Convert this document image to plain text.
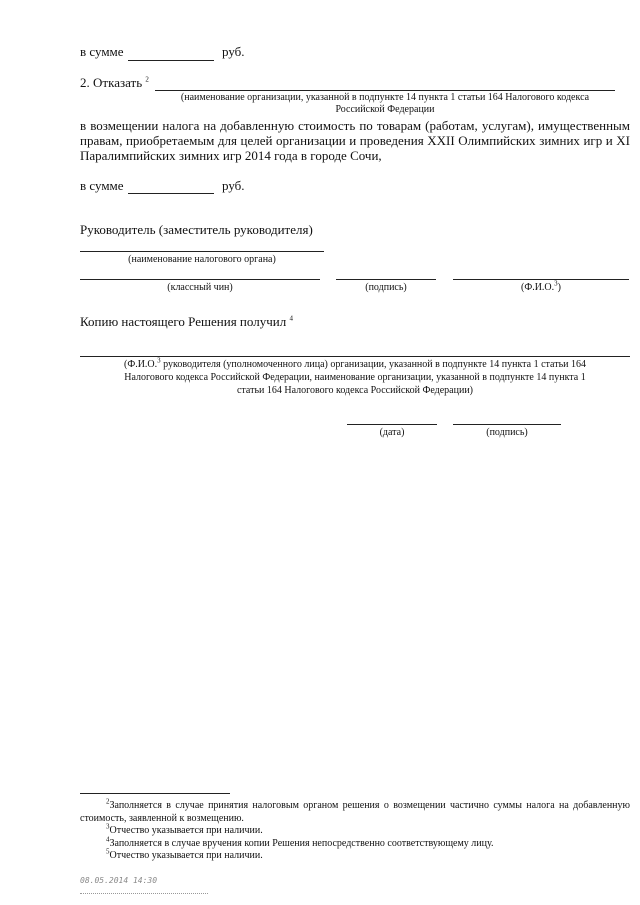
в сумме	руб.
2. Отказать $^2$
(наименование организации, указанной в подпункте 14 пункта 1 статьи 164 Налогового кодекса
Российской Федерации
в возмещении налога на добавленную стоимость по товарам (работам, услугам), имущественным правам, приобретаемым для целей организации и проведения XXII Олимпийских зимних игр и XI Паралимпийских зимних игр 2014 года в городе Сочи,
в сумме	руб.
Руководитель (заместитель руководителя)
(наименование налогового органа)
(классный чин)	(подпись)	(Ф.И.О.$^3$)
Копию настоящего Решения получил $^4$
(Ф.И.О.$^3$ руководителя (уполномоченного лица) организации, указанной в подпункте 14 пункта 1 статьи 164
Налогового кодекса Российской Федерации, наименование организации, указанной в подпункте 14 пункта 1
статьи 164 Налогового кодекса Российской Федерации)
(дата)	(подпись)

$^2$Заполняется в случае принятия налоговым органом решения о возмещении частично суммы налога на добавленную стоимость, заявленной к возмещению.

$^3$Отчество указывается при наличии.

$^4$Заполняется в случае вручения копии Решения непосредственно соответствующему лицу.

$^5$Отчество указывается при наличии.

08.05.2014 14:30
